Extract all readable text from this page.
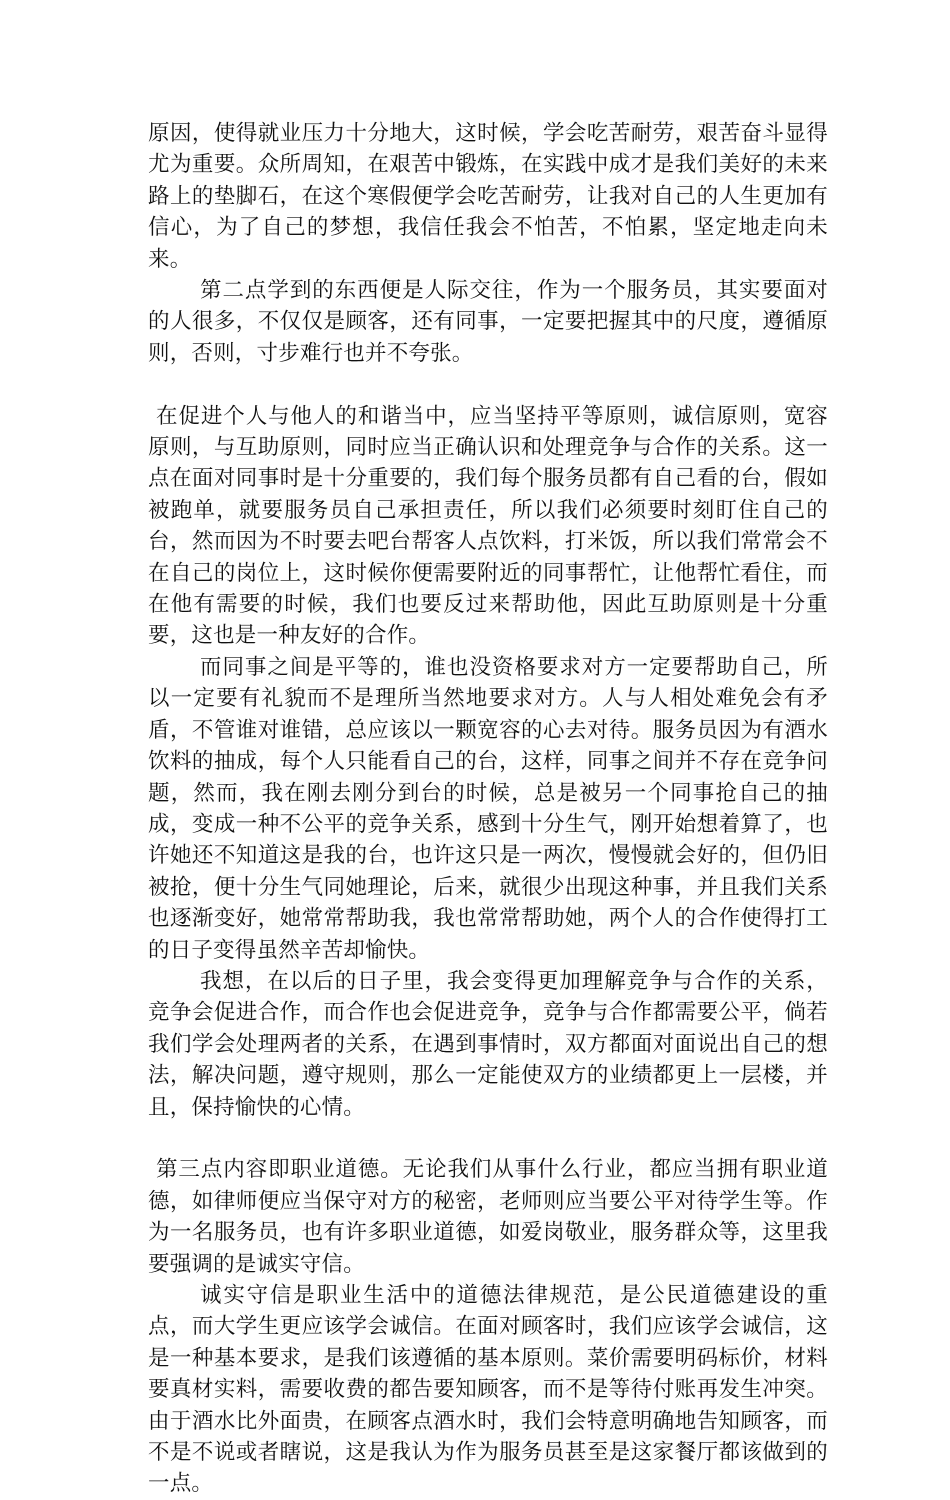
原因，使得就业压力十分地大，这时候，学会吃苦耐劳，艰苦奋斗显得尤为重要。众所周知，在艰苦中锻炼，在实践中成才是我们美好的未来路上的垫脚石，在这个寒假便学会吃苦耐劳，让我对自己的人生更加有信心，为了自己的梦想，我信任我会不怕苦，不怕累，坚定地走向未来。

第二点学到的东西便是人际交往，作为一个服务员，其实要面对的人很多，不仅仅是顾客，还有同事，一定要把握其中的尺度，遵循原则，否则，寸步难行也并不夸张。

在促进个人与他人的和谐当中，应当坚持平等原则，诚信原则，宽容原则，与互助原则，同时应当正确认识和处理竞争与合作的关系。这一点在面对同事时是十分重要的，我们每个服务员都有自己看的台，假如被跑单，就要服务员自己承担责任，所以我们必须要时刻盯住自己的台，然而因为不时要去吧台帮客人点饮料，打米饭，所以我们常常会不在自己的岗位上，这时候你便需要附近的同事帮忙，让他帮忙看住，而在他有需要的时候，我们也要反过来帮助他，因此互助原则是十分重要，这也是一种友好的合作。

而同事之间是平等的，谁也没资格要求对方一定要帮助自己，所以一定要有礼貌而不是理所当然地要求对方。人与人相处难免会有矛盾，不管谁对谁错，总应该以一颗宽容的心去对待。服务员因为有酒水饮料的抽成，每个人只能看自己的台，这样，同事之间并不存在竞争问题，然而，我在刚去刚分到台的时候，总是被另一个同事抢自己的抽成，变成一种不公平的竞争关系，感到十分生气，刚开始想着算了，也许她还不知道这是我的台，也许这只是一两次，慢慢就会好的，但仍旧被抢，便十分生气同她理论，后来，就很少出现这种事，并且我们关系也逐渐变好，她常常帮助我，我也常常帮助她，两个人的合作使得打工的日子变得虽然辛苦却愉快。

我想，在以后的日子里，我会变得更加理解竞争与合作的关系，竞争会促进合作，而合作也会促进竞争，竞争与合作都需要公平，倘若我们学会处理两者的关系，在遇到事情时，双方都面对面说出自己的想法，解决问题，遵守规则，那么一定能使双方的业绩都更上一层楼，并且，保持愉快的心情。

第三点内容即职业道德。无论我们从事什么行业，都应当拥有职业道德，如律师便应当保守对方的秘密，老师则应当要公平对待学生等。作为一名服务员，也有许多职业道德，如爱岗敬业，服务群众等，这里我要强调的是诚实守信。

诚实守信是职业生活中的道德法律规范，是公民道德建设的重点，而大学生更应该学会诚信。在面对顾客时，我们应该学会诚信，这是一种基本要求，是我们该遵循的基本原则。菜价需要明码标价，材料要真材实料，需要收费的都告要知顾客，而不是等待付账再发生冲突。由于酒水比外面贵，在顾客点酒水时，我们会特意明确地告知顾客，而不是不说或者瞎说，这是我认为作为服务员甚至是这家餐厅都该做到的一点。
